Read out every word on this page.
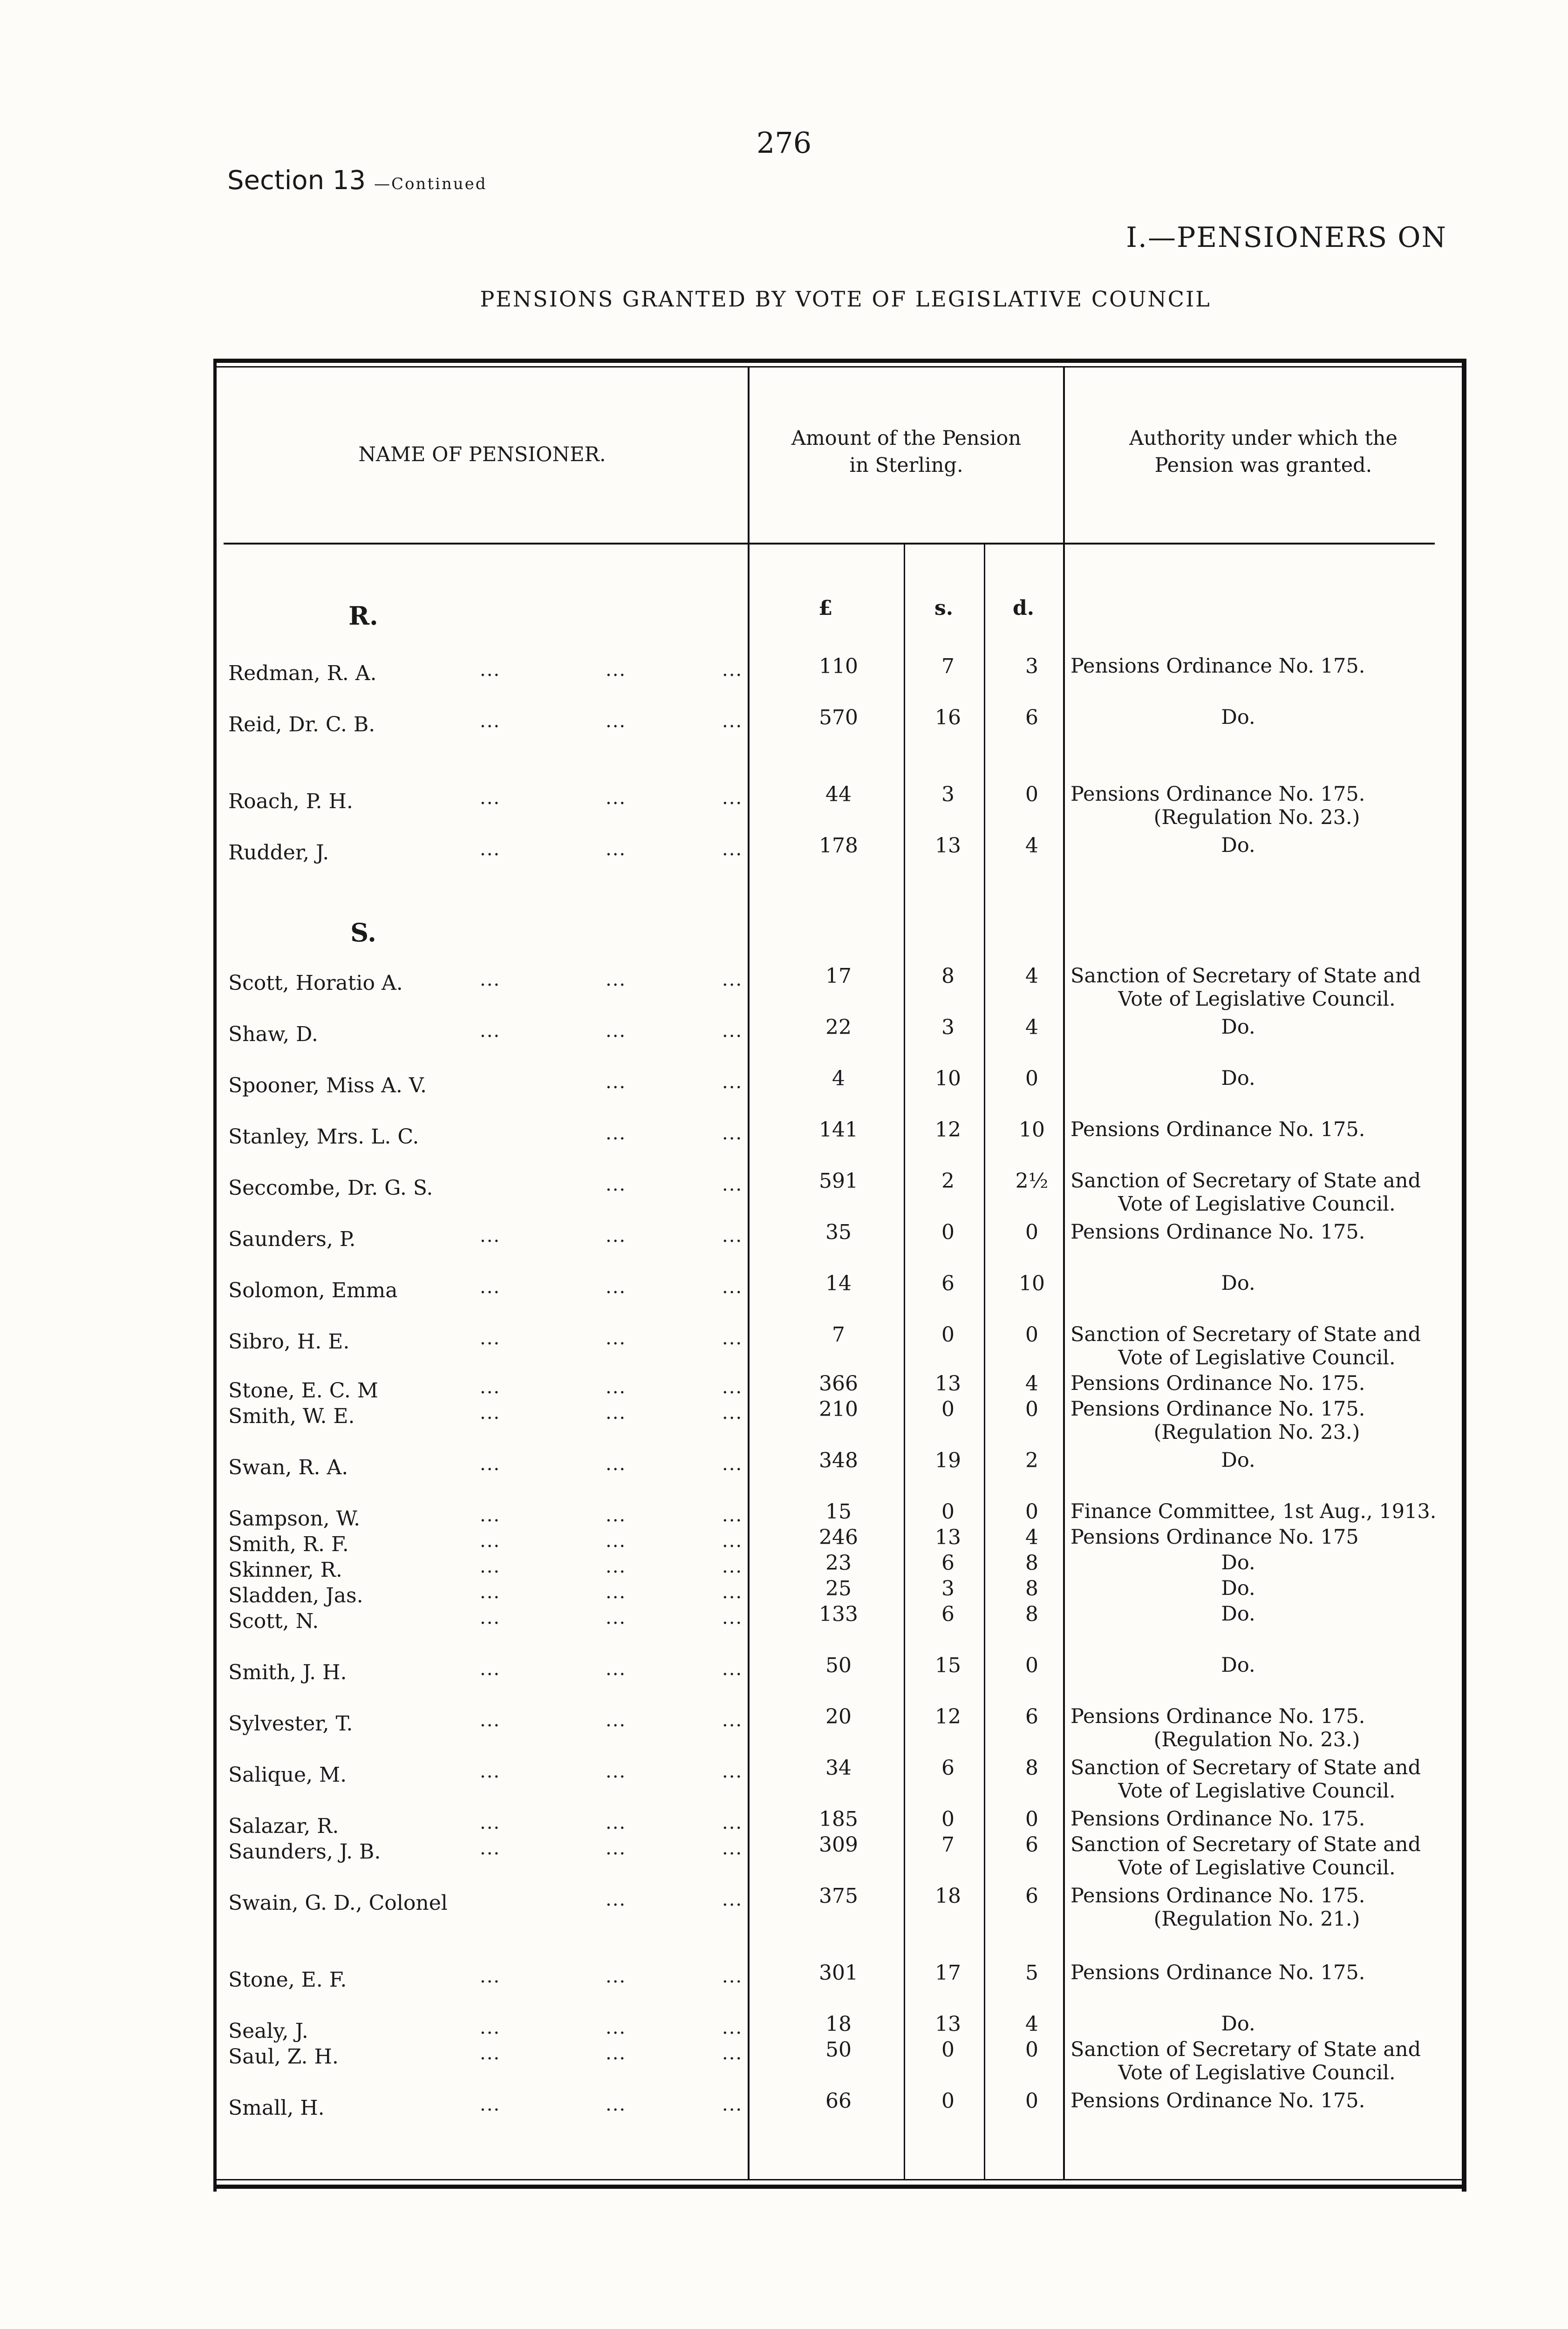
276
Section 13 —Continued
I.—PENSIONERS ON
PENSIONS GRANTED BY VOTE OF LEGISLATIVE COUNCIL
NAME OF PENSIONER.
Amount of the Pension
in Sterling.
Authority under which the
Pension was granted.
£	s.	d.
R.
Redman, R. A.	...	...	...	110	7	3 Pensions Ordinance No. 175.
Reid, Dr. C. B.	...	...	...	570	16	6	Do.
Roach, P. H.	...	...	...	44	3	0 Pensions Ordinance No. 175.
(Regulation No. 23.)
Rudder, J.	...	...	...	178	13	4	Do.
S.
Scott, Horatio A.	...	...	...	17	8	4 Sanction of Secretary of State and
Vote of Legislative Council.
Shaw, D.	...	...	...	22	3	4	Do.
Spooner, Miss A. V.	...	...	4	10	0	Do.
Stanley, Mrs. L. C.	...	...	141	12	10 Pensions Ordinance No. 175.
Seccombe, Dr. G. S.	...	...	591	2	2½ Sanction of Secretary of State and
Vote of Legislative Council.
Saunders, P.	...	...	...	35	0	0 Pensions Ordinance No. 175.
Solomon, Emma	...	...	...	14	6	10	Do.
Sibro, H. E.	...	...	...	7	0	0 Sanction of Secretary of State and
Vote of Legislative Council.
Stone, E. C. M	...	...	...	366	13	4 Pensions Ordinance No. 175.
Smith, W. E.	...	...	...	210	0	0 Pensions Ordinance No. 175.
(Regulation No. 23.)
Swan, R. A.	...	...	...	348	19	2	Do.
Sampson, W.	...	...	...	15	0	0 Finance Committee, 1st Aug., 1913.
Smith, R. F.	...	...	...	246	13	4 Pensions Ordinance No. 175
Skinner, R.	...	...	...	23	6	8	Do.
Sladden, Jas.	...	...	...	25	3	8	Do.
Scott, N.	...	...	...	133	6	8	Do.
Smith, J. H.	...	...	...	50	15	0	Do.
Sylvester, T.	...	...	...	20	12	6 Pensions Ordinance No. 175.
(Regulation No. 23.)
Salique, M.	...	...	...	34	6	8 Sanction of Secretary of State and
Vote of Legislative Council.
Salazar, R.	...	...	...	185	0	0 Pensions Ordinance No. 175.
Saunders, J. B.	...	...	...	309	7	6 Sanction of Secretary of State and
Vote of Legislative Council.
Swain, G. D., Colonel	...	...	375	18	6 Pensions Ordinance No. 175.
(Regulation No. 21.)
Stone, E. F.	...	...	...	301	17	5 Pensions Ordinance No. 175.
Sealy, J.	...	...	...	18	13	4	Do.
Saul, Z. H.	...	...	...	50	0	0 Sanction of Secretary of State and
Vote of Legislative Council.
Small, H.	...	...	...	66	0	0 Pensions Ordinance No. 175.
